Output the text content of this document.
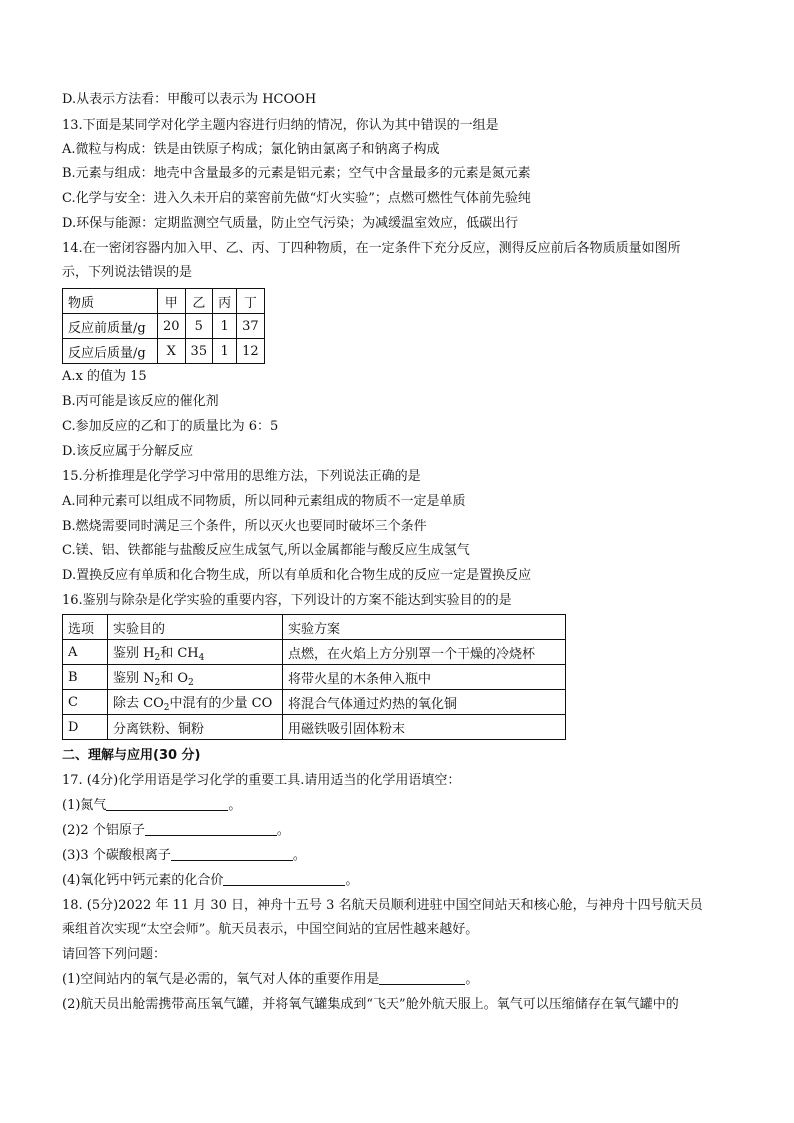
D.从表示方法看：甲酸可以表示为 HCOOH
13.下面是某同学对化学主题内容进行归纳的情况，你认为其中错误的一组是
A.微粒与构成：铁是由铁原子构成；氯化钠由氯离子和钠离子构成
B.元素与组成：地壳中含量最多的元素是铝元素；空气中含量最多的元素是氮元素
C.化学与安全：进入久未开启的菜窖前先做“灯火实验”；点燃可燃性气体前先验纯
D.环保与能源：定期监测空气质量，防止空气污染；为减缓温室效应，低碳出行
14.在一密闭容器内加入甲、乙、丙、丁四种物质，在一定条件下充分反应，测得反应前后各物质质量如图所
示，下列说法错误的是
物质	甲	乙	丙	丁
反应前质量/g	20	5	1	37
反应后质量/g	X	35	1	12
A.x 的值为 15
B.丙可能是该反应的催化剂
C.参加反应的乙和丁的质量比为 6：5
D.该反应属于分解反应
15.分析推理是化学学习中常用的思维方法，下列说法正确的是
A.同种元素可以组成不同物质，所以同种元素组成的物质不一定是单质
B.燃烧需要同时满足三个条件，所以灭火也要同时破坏三个条件
C.镁、铝、铁都能与盐酸反应生成氢气,所以金属都能与酸反应生成氢气
D.置换反应有单质和化合物生成，所以有单质和化合物生成的反应一定是置换反应
16.鉴别与除杂是化学实验的重要内容，下列设计的方案不能达到实验目的的是
选项	实验目的	实验方案
A	鉴别 $H_2$和 $CH_4$	点燃，在火焰上方分别罩一个干燥的冷烧杯
B	鉴别 $N_2$和 $O_2$	将带火星的木条伸入瓶中
C	除去 $CO_2$中混有的少量 CO	将混合气体通过灼热的氧化铜
D	分离铁粉、铜粉	用磁铁吸引固体粉末
二、理解与应用(30 分)
17. (4分)化学用语是学习化学的重要工具.请用适当的化学用语填空：
(1)氮气	。
(2)2 个铝原子	。
(3)3 个碳酸根离子	。
(4)氧化钙中钙元素的化合价	。
18. (5分)2022 年 11 月 30 日，神舟十五号 3 名航天员顺利进驻中国空间站天和核心舱，与神舟十四号航天员
乘组首次实现“太空会师”。航天员表示，中国空间站的宜居性越来越好。
请回答下列问题：
(1)空间站内的氧气是必需的，氧气对人体的重要作用是	。
(2)航天员出舱需携带高压氧气罐，并将氧气罐集成到“飞天”舱外航天服上。氧气可以压缩储存在氧气罐中的
